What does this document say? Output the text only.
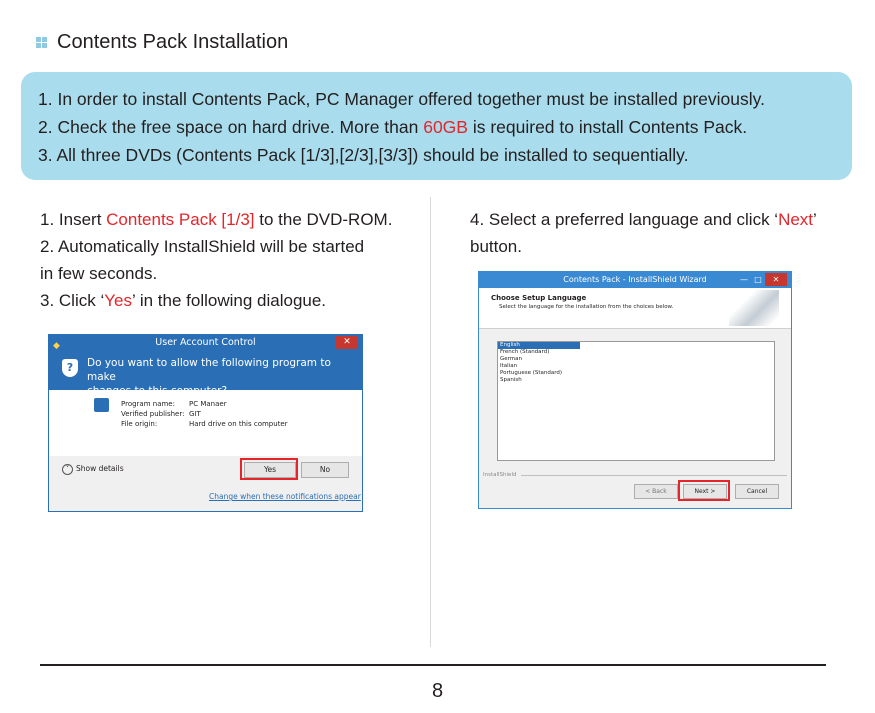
Contents Pack Installation
1. In order to install Contents Pack, PC Manager offered together must be installed previously.
2. Check the free space on hard drive. More than 60GB is required to install Contents Pack.
3. All three DVDs (Contents Pack [1/3],[2/3],[3/3]) should be installed to sequentially.
1. Insert Contents Pack [1/3] to the DVD-ROM.
2. Automatically InstallShield will be started
in few seconds.
3. Click ‘Yes’ in the following dialogue.
4. Select a preferred language and click ‘Next’
button.
◆	User Account Control	✕
?	Do you want to allow the following program to make
Program name: PC Manaer
Verified publisher: GIT
File origin:	Hard drive on this computer
˅ Show details	Yes	No
Change when these notifications appear
Contents Pack - InstallShield Wizard	— □	✕
Choose Setup Language
Select the language for the installation from the choices below.
English
French (Standard)
German
Italian
Portuguese (Standard)
Spanish
InstallShield
< Back	Next >	Cancel
8
